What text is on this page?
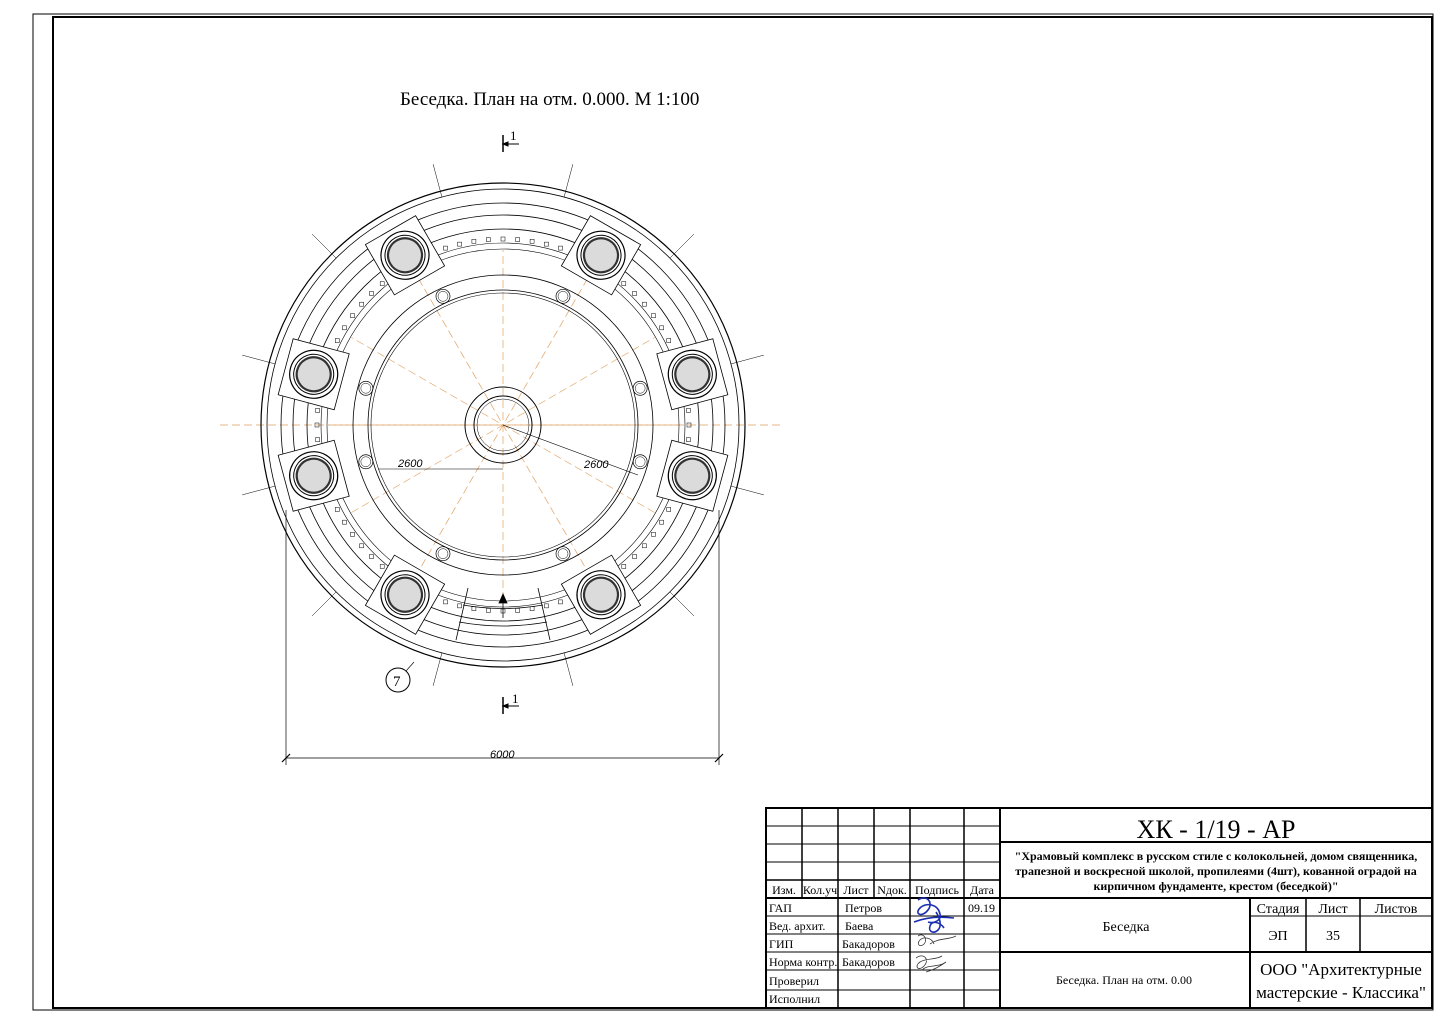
Беседка. План на отм. 0.000. М 1:100
1
1
7
2600	2600
6000
ХК - 1/19 - АР
"Храмовый комплекс в русском стиле с колокольней, домом священника,
трапезной и воскресной школой, пропилеями (4шт), кованной оградой на
кирпичном фундаменте, крестом (беседкой)"
Изм. Кол.уч Лист Nдок. Подпись Дата
ГАП
Вед. архит.
ГИП
Норма контр.
Проверил
Исполнил
Петров
Баева
Бакадоров
Бакадоров
09.19
Беседка
Беседка. План на отм. 0.00
Стадия Лист Листов
ЭП	35
ООО "Архитектурные
мастерские - Классика"
